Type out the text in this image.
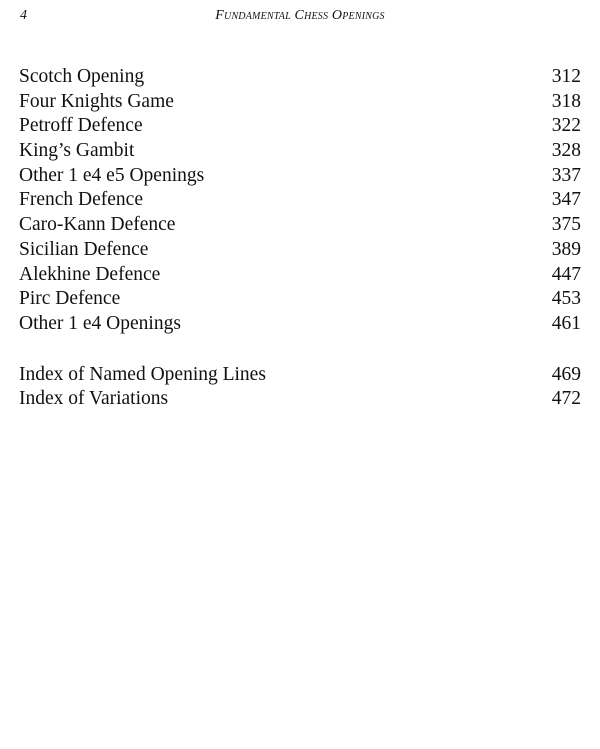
4	Fundamental Chess Openings
Scotch Opening	312
Four Knights Game	318
Petroff Defence	322
King’s Gambit	328
Other 1 e4 e5 Openings	337
French Defence	347
Caro-Kann Defence	375
Sicilian Defence	389
Alekhine Defence	447
Pirc Defence	453
Other 1 e4 Openings	461
Index of Named Opening Lines	469
Index of Variations	472
